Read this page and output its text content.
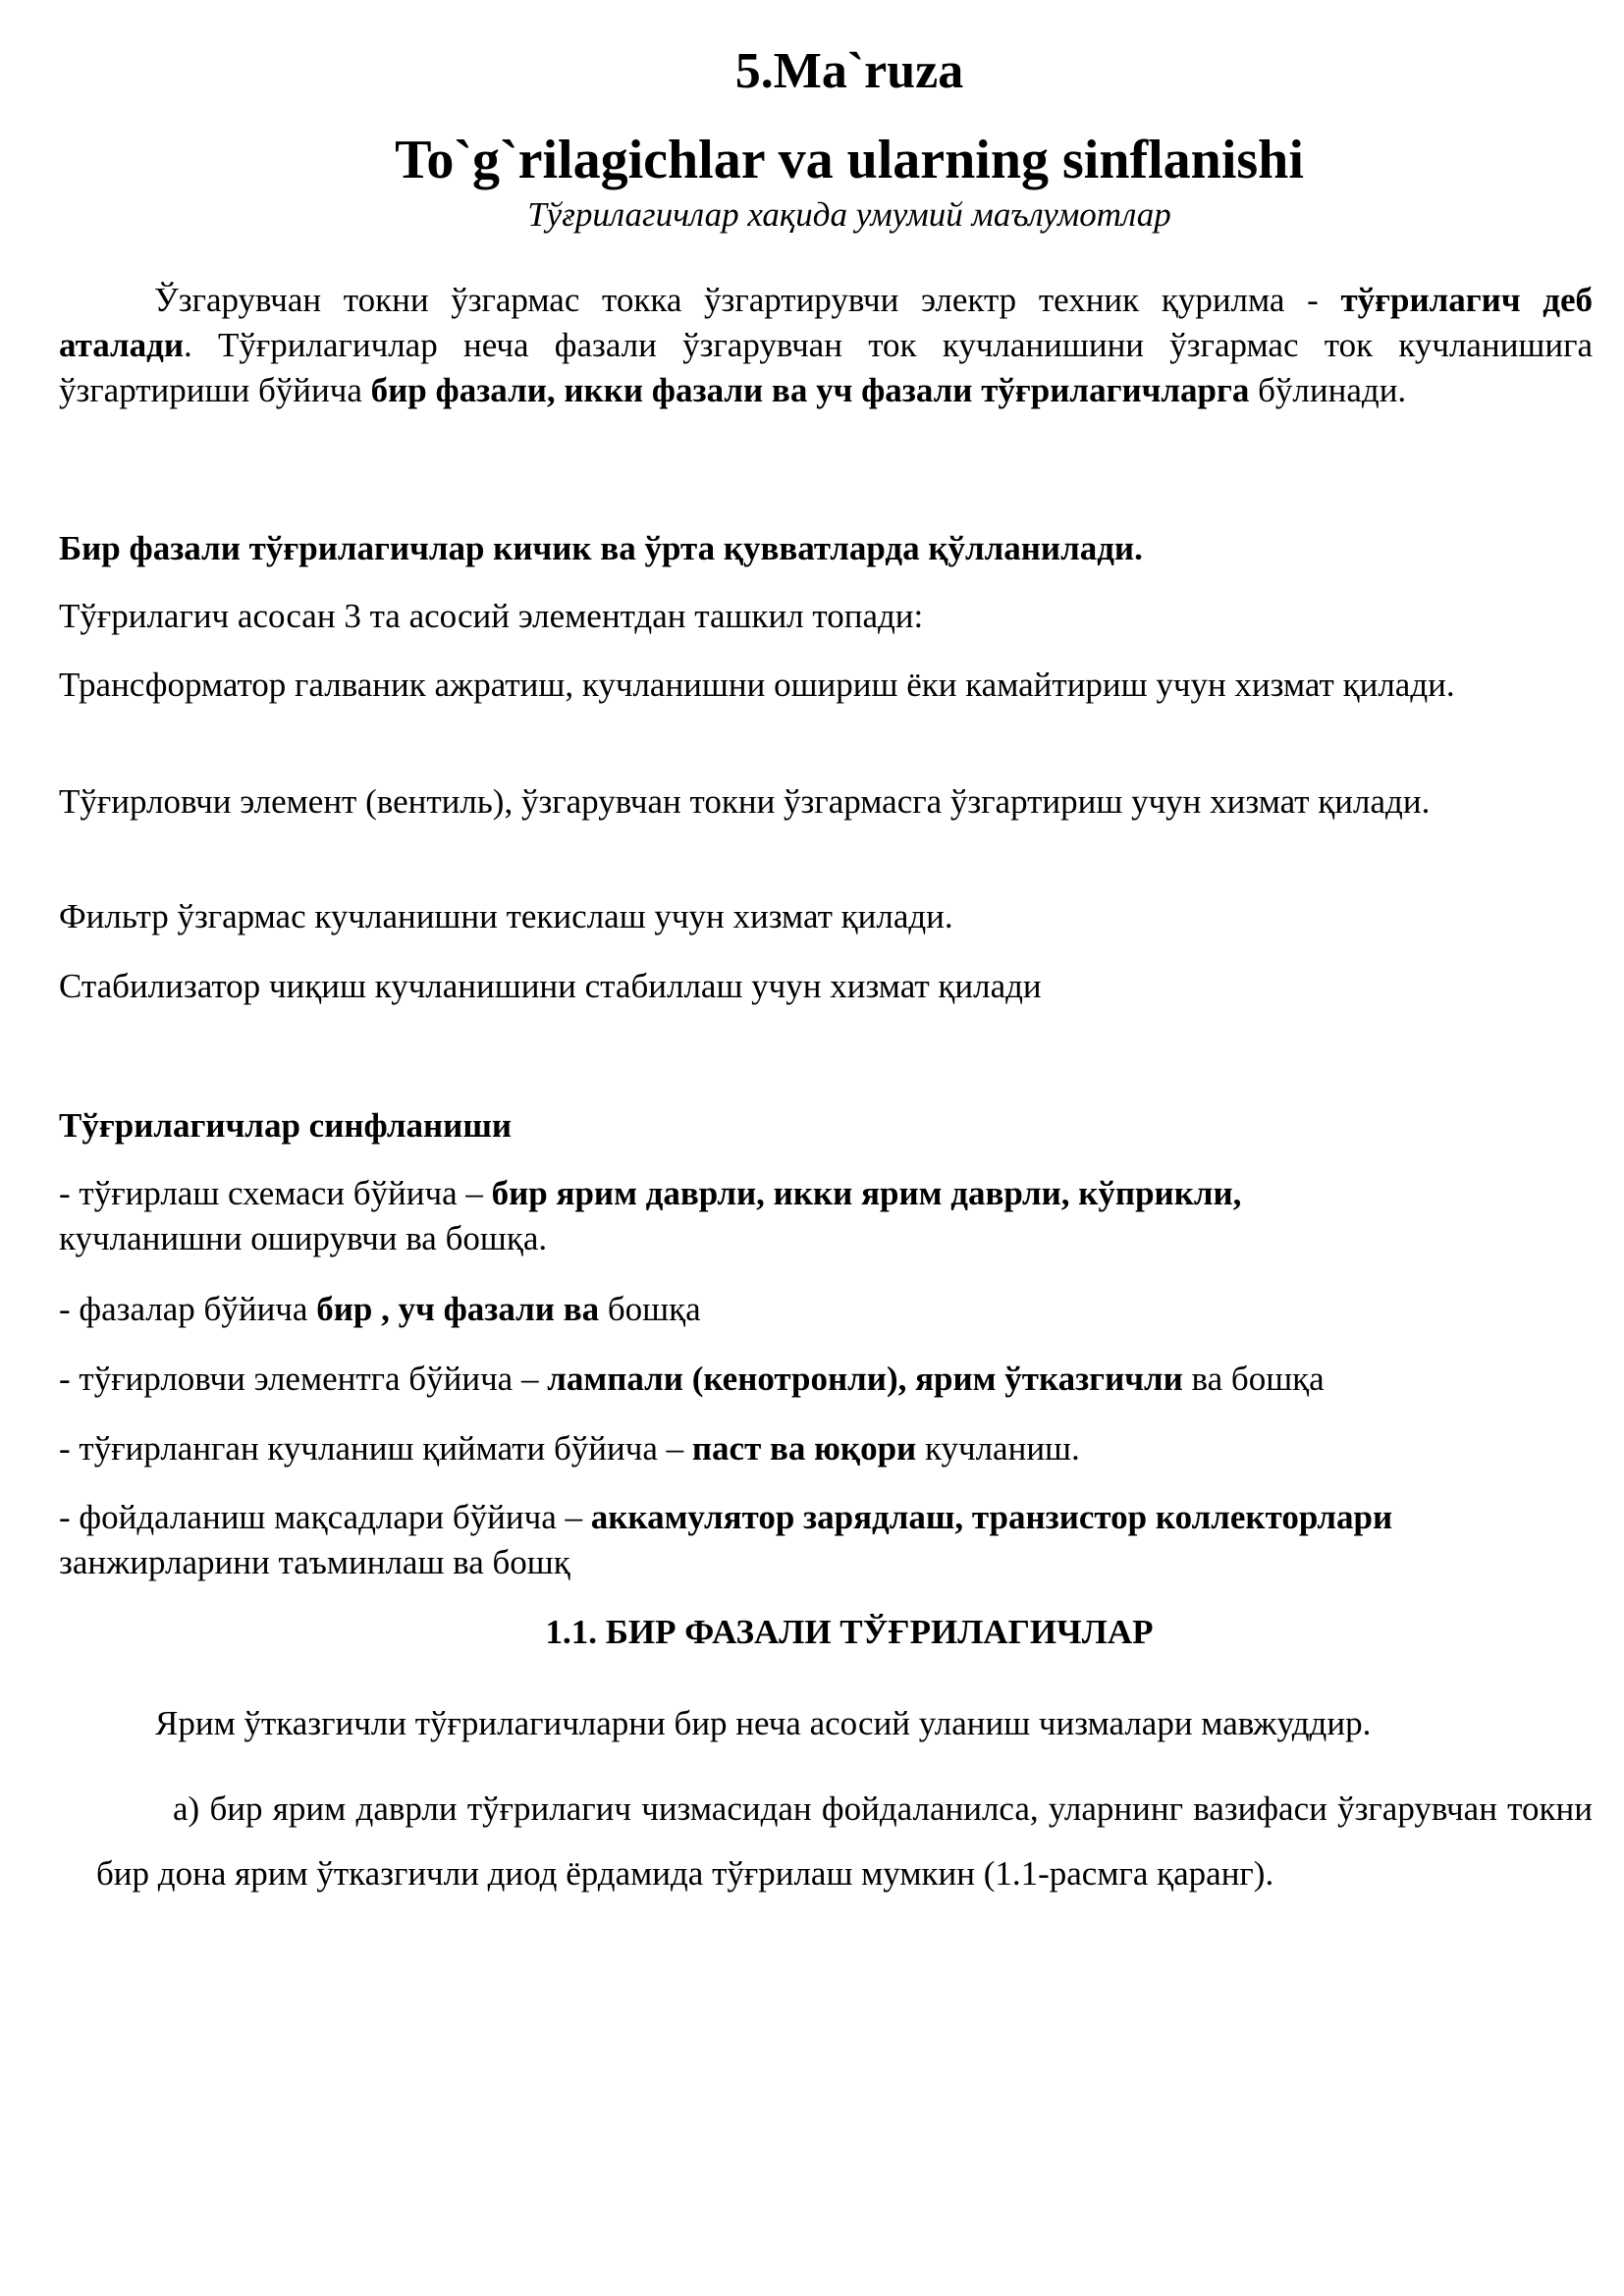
5.Ma`ruza
To`g`rilagichlar va ularning sinflanishi

Тўғрилагичлар хақида умумий маълумотлар

Ўзгарувчан токни ўзгармас токка ўзгартирувчи электр техник қурилма - тўғрилагич деб аталади. Тўғрилагичлар неча фазали ўзгарувчан ток кучланишини ўзгармас ток кучланишига ўзгартириши бўйича бир фазали, икки фазали ва уч фазали тўғрилагичларга бўлинади.

Бир фазали тўғрилагичлар кичик ва ўрта қувватларда қўлланилади.

Тўғрилагич асосан 3 та асосий элементдан ташкил топади:

Трансформатор галваник ажратиш, кучланишни ошириш ёки камайтириш учун хизмат қилади.

Тўғирловчи элемент (вентиль), ўзгарувчан токни ўзгармасга ўзгартириш учун хизмат қилади.

Фильтр ўзгармас кучланишни текислаш учун хизмат қилади.

Стабилизатор чиқиш кучланишини стабиллаш учун хизмат қилади

Тўғрилагичлар синфланиши

- тўғирлаш схемаси бўйича – бир ярим даврли, икки ярим даврли, кўприкли,
кучланишни оширувчи ва бошқа.

- фазалар бўйича бир , уч фазали ва бошқа

- тўғирловчи элементга бўйича – лампали (кенотронли), ярим ўтказгичли ва бошқа

- тўғирланган кучланиш қиймати бўйича – паст ва юқори кучланиш.

- фойдаланиш мақсадлари бўйича – аккамулятор зарядлаш, транзистор коллекторлари
занжирларини таъминлаш ва бошқ

1.1. БИР ФАЗАЛИ ТЎҒРИЛАГИЧЛАР

Ярим ўтказгичли тўғрилагичларни бир неча асосий уланиш чизмалари мавжуддир.

а) бир ярим даврли тўғрилагич чизмасидан фойдаланилса, уларнинг вазифаси ўзгарувчан токни бир дона ярим ўтказгичли диод ёрдамида тўғрилаш мумкин (1.1-расмга қаранг).
